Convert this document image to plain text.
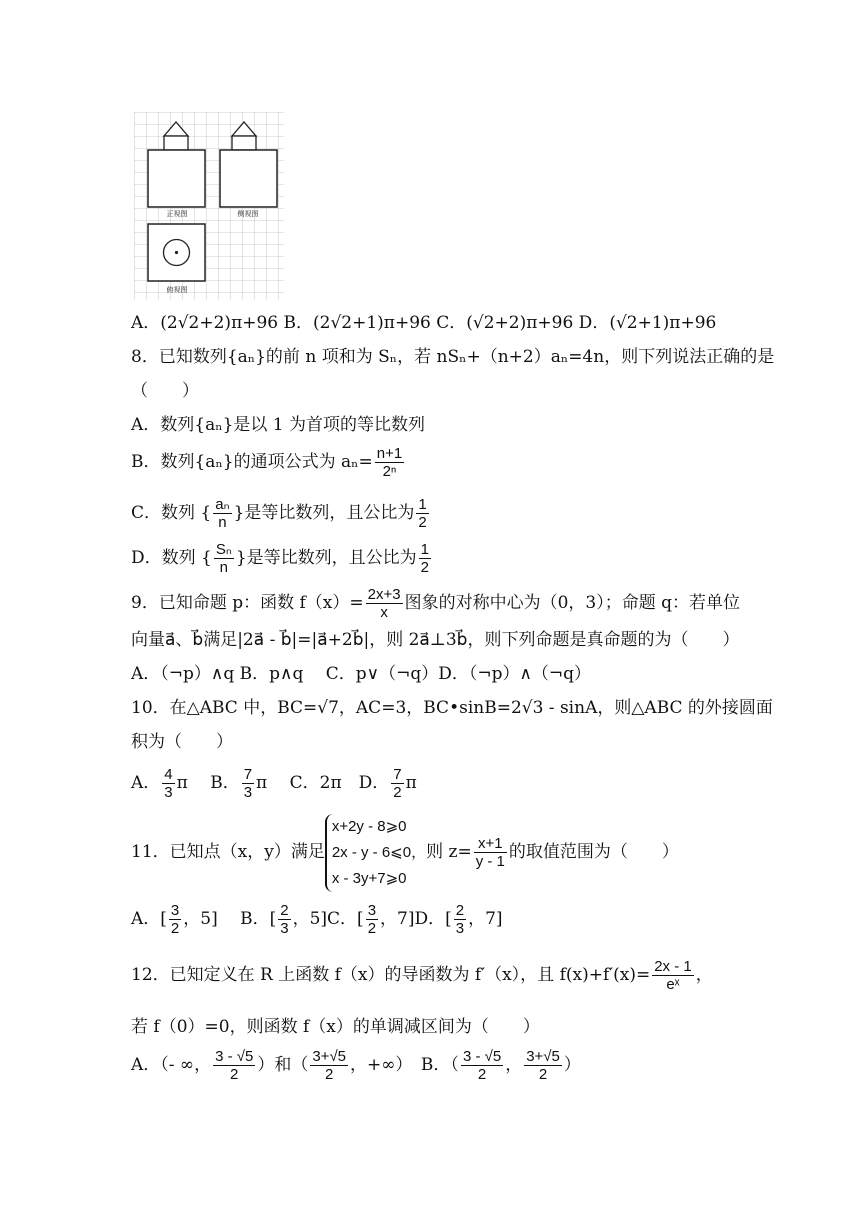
正视图	侧视图
俯视图
A．(2√2+2)π+96 B．(2√2+1)π+96 C．(√2+2)π+96 D．(√2+1)π+96
8．已知数列{aₙ}的前 n 项和为 Sₙ，若 nSₙ+（n+2）aₙ=4n，则下列说法正确的是
（　　）
A．数列{aₙ}是以 1 为首项的等比数列
B．数列{aₙ}的通项公式为 $a_n= \frac{n+1}{\text{2ⁿ}}$
C．数列 { $\frac{\text{aₙ}}{n}$ }是等比数列，且公比为 $\frac{1}{2}$
D．数列 { $\frac{\text{Sₙ}}{n}$ }是等比数列，且公比为 $\frac{1}{2}$
9．已知命题 p：函数 $f(x)= \frac{2x+3}{x}$ 图象的对称中心为（0，3）；命题 q：若单位
向量a⃗、b⃗满足|2a⃗ - b⃗|=|a⃗+2b⃗|，则 2a⃗⊥3b⃗，则下列命题是真命题的为（　　）
A．（¬p）∧q B．p∧q　 C．p∨（¬q）D．（¬p）∧（¬q）
10．在△ABC 中，BC=√7，AC=3，BC•sinB=2√3 - sinA，则△ABC 的外接圆面
积为（　　）
A． $\frac{4}{3}$ π　 B． $\frac{7}{3}$ π　 C．2π　D． $\frac{7}{2}$ π
11．已知点（x，y）满足
x+2y - 8⩾0
2x - y - 6⩽0，
x - 3y+7⩾0
则 $z= \frac{x+1}{y - 1}$ 的取值范围为（　　）
A．[ $\frac{3}{2}$ ，5]　 B．[ $\frac{2}{3}$ ，5]C．[ $\frac{3}{2}$ ，7]D．[ $\frac{2}{3}$ ，7]
12．已知定义在 R 上函数 f（x）的导函数为 f′（x），且 $f(x)+f'(x)= \frac{2x - 1}{\text{eˣ}}$ ，
若 f（0）=0，则函数 f（x）的单调减区间为（　　）
A．（- ∞， $\frac{3 - √5}{2}$ ）和（ $\frac{3+√5}{2}$ ，+∞）　B．（ $\frac{3 - √5}{2}$ ， $\frac{3+√5}{2}$ ）
